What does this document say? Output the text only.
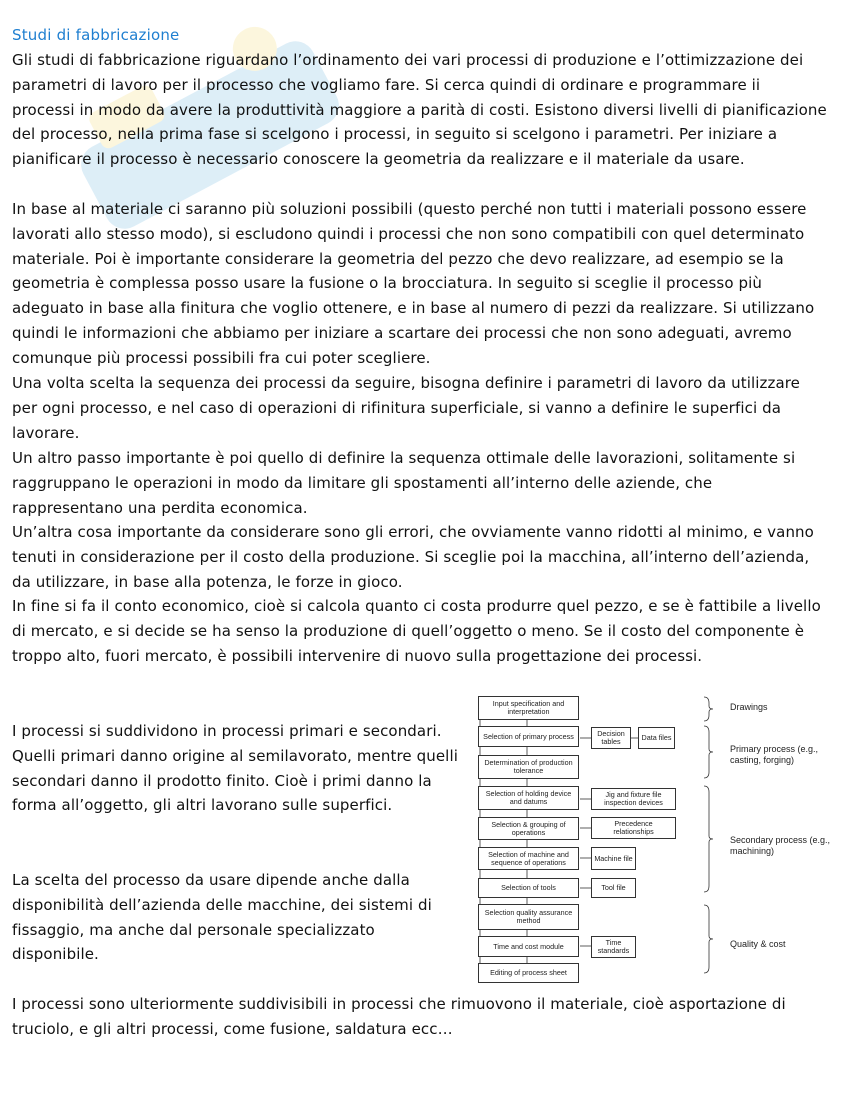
Studi di fabbricazione

Gli studi di fabbricazione riguardano l’ordinamento dei vari processi di produzione e l’ottimizzazione dei parametri di lavoro per il processo che vogliamo fare. Si cerca quindi di ordinare e programmare ii processi in modo da avere la produttività maggiore a parità di costi. Esistono diversi livelli di pianificazione del processo, nella prima fase si scelgono i processi, in seguito si scelgono i parametri. Per iniziare a pianificare il processo è necessario conoscere la geometria da realizzare e il materiale da usare.

In base al materiale ci saranno più soluzioni possibili (questo perché non tutti i materiali possono essere lavorati allo stesso modo), si escludono quindi i processi che non sono compatibili con quel determinato materiale. Poi è importante considerare la geometria del pezzo che devo realizzare, ad esempio se la geometria è complessa posso usare la fusione o la brocciatura. In seguito si sceglie il processo più adeguato in base alla finitura che voglio ottenere, e in base al numero di pezzi da realizzare. Si utilizzano quindi le informazioni che abbiamo per iniziare a scartare dei processi che non sono adeguati, avremo comunque più processi possibili fra cui poter scegliere.

Una volta scelta la sequenza dei processi da seguire, bisogna definire i parametri di lavoro da utilizzare per ogni processo, e nel caso di operazioni di rifinitura superficiale, si vanno a definire le superfici da lavorare.

Un altro passo importante è poi quello di definire la sequenza ottimale delle lavorazioni, solitamente si raggruppano le operazioni in modo da limitare gli spostamenti all’interno delle aziende, che rappresentano una perdita economica.

Un’altra cosa importante da considerare sono gli errori, che ovviamente vanno ridotti al minimo, e vanno tenuti in considerazione per il costo della produzione. Si sceglie poi la macchina, all’interno dell’azienda, da utilizzare, in base alla potenza, le forze in gioco.

In fine si fa il conto economico, cioè si calcola quanto ci costa produrre quel pezzo, e se è fattibile a livello di mercato, e si decide se ha senso la produzione di quell’oggetto o meno. Se il costo del componente è troppo alto, fuori mercato, è possibili intervenire di nuovo sulla progettazione dei processi.

I processi si suddividono in processi primari e secondari. Quelli primari danno origine al semilavorato, mentre quelli secondari danno il prodotto finito. Cioè i primi danno la forma all’oggetto, gli altri lavorano sulle superfici.

La scelta del processo da usare dipende anche dalla disponibilità dell’azienda delle macchine, dei sistemi di fissaggio, ma anche dal personale specializzato disponibile.

I processi sono ulteriormente suddivisibili in processi che rimuovono il materiale, cioè asportazione di truciolo, e gli altri processi, come fusione, saldatura ecc…

Input specification and interpretation
Selection of primary process
Determination of production tolerance
Selection of holding device and datums
Selection & grouping of operations
Selection of machine and sequence of operations
Selection of tools
Selection quality assurance method
Time and cost module
Editing of process sheet
Decision tables	Data files
Jig and fixture file inspection devices
Precedence relationships
Machine file
Tool file
Time standards
Drawings
Primary process (e.g., casting, forging)
Secondary process (e.g., machining)
Quality & cost
